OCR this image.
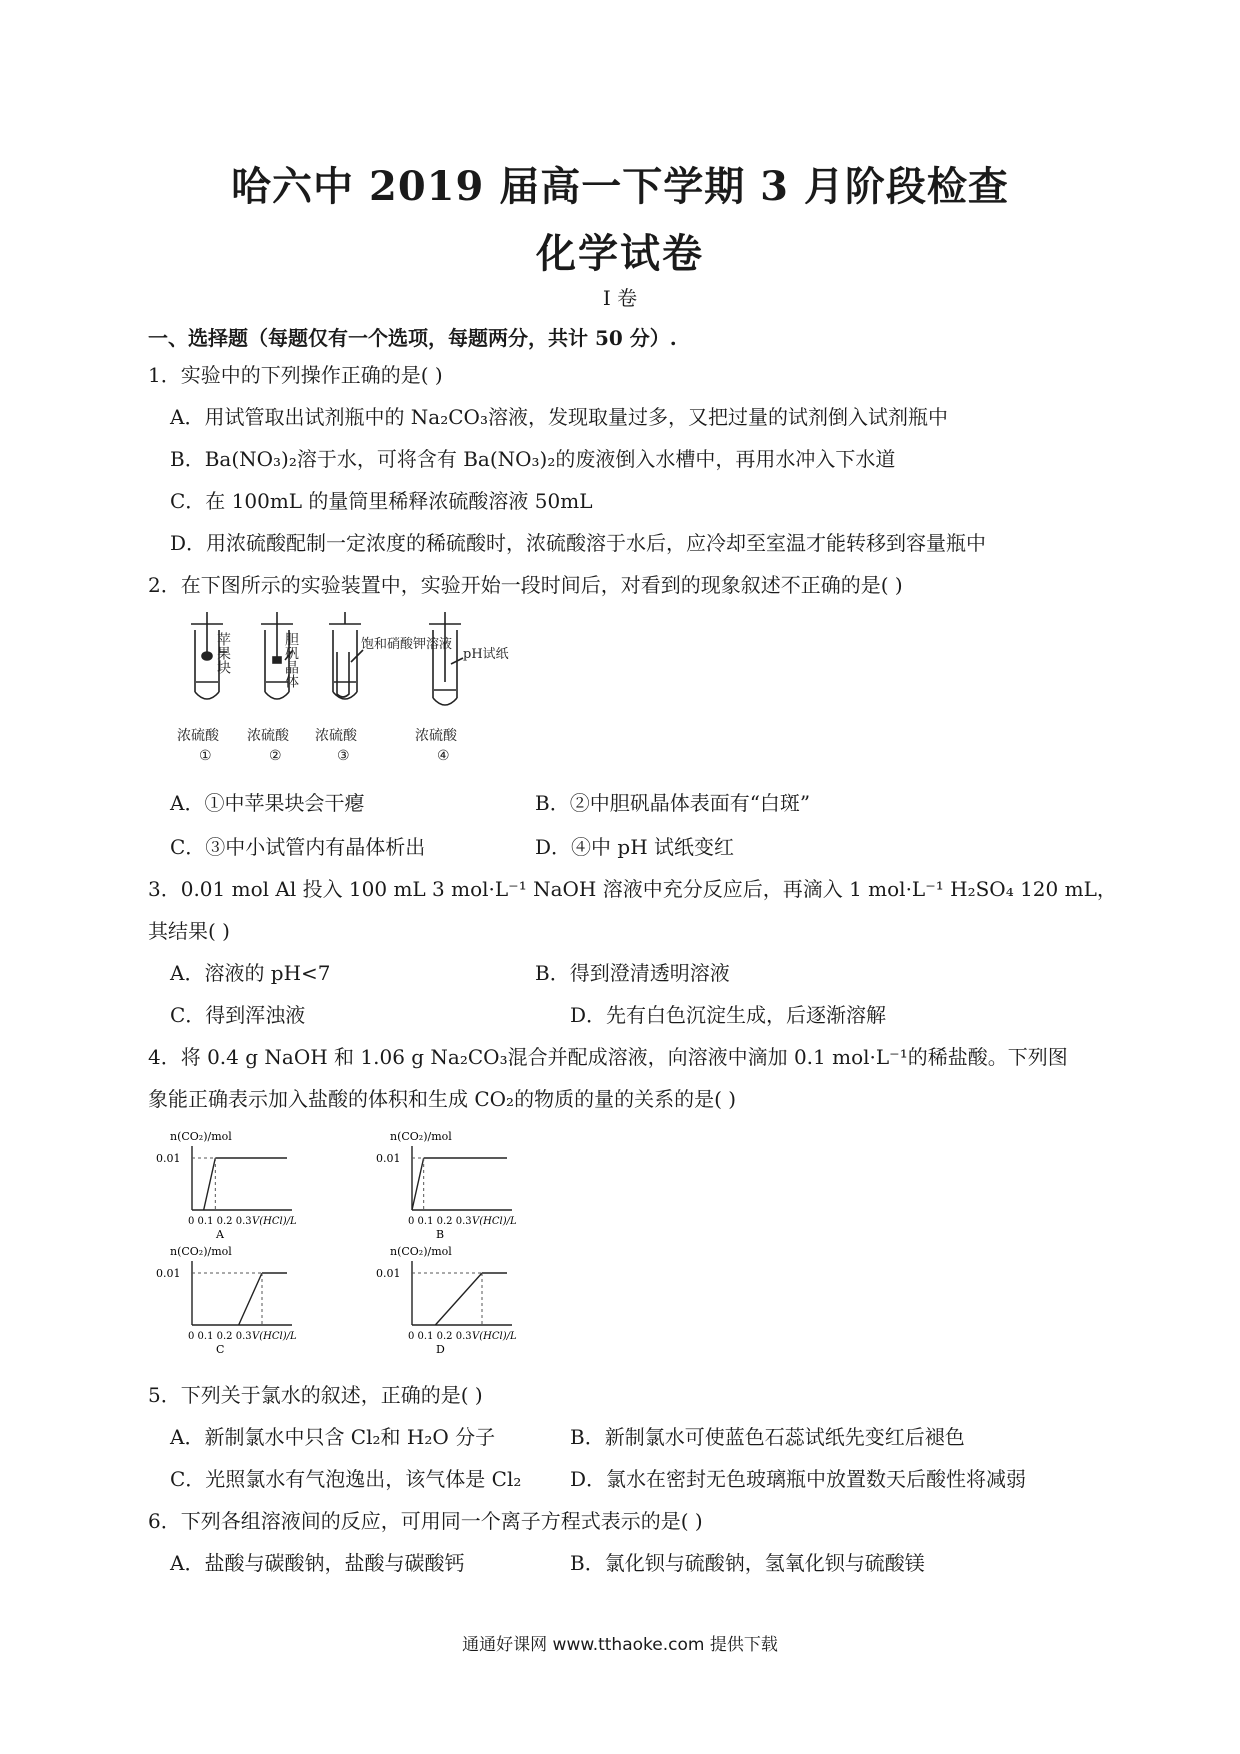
哈六中 2019 届高一下学期 3 月阶段检查
化学试卷
I 卷
一、选择题（每题仅有一个选项，每题两分，共计 50 分）.
1．实验中的下列操作正确的是( )
A．用试管取出试剂瓶中的 Na₂CO₃溶液，发现取量过多，又把过量的试剂倒入试剂瓶中
B．Ba(NO₃)₂溶于水，可将含有 Ba(NO₃)₂的废液倒入水槽中，再用水冲入下水道
C．在 100mL 的量筒里稀释浓硫酸溶液 50mL
D．用浓硫酸配制一定浓度的稀硫酸时，浓硫酸溶于水后，应冷却至室温才能转移到容量瓶中
2．在下图所示的实验装置中，实验开始一段时间后，对看到的现象叙述不正确的是( )
苹果块	胆矾晶体	饱和硝酸钾溶液
pH试纸
浓硫酸 浓硫酸 浓硫酸	浓硫酸
①	②	③	④
A．①中苹果块会干瘪	B．②中胆矾晶体表面有“白斑”
C．③中小试管内有晶体析出	D．④中 pH 试纸变红
3．0.01 mol Al 投入 100 mL 3 mol·L⁻¹ NaOH 溶液中充分反应后，再滴入 1 mol·L⁻¹ H₂SO₄ 120 mL，
其结果( )
A．溶液的 pH<7	B．得到澄清透明溶液
C．得到浑浊液	D．先有白色沉淀生成，后逐渐溶解
4．将 0.4 g NaOH 和 1.06 g Na₂CO₃混合并配成溶液，向溶液中滴加 0.1 mol·L⁻¹的稀盐酸。下列图
象能正确表示加入盐酸的体积和生成 CO₂的物质的量的关系的是( )
n(CO₂)/mol
0.01
0 0.1 0.2 0.3 V(HCl)/L
A
n(CO₂)/mol
0.01
0 0.1 0.2 0.3 V(HCl)/L
B
n(CO₂)/mol
0.01
0 0.1 0.2 0.3 V(HCl)/L
C
n(CO₂)/mol
0.01
0 0.1 0.2 0.3 V(HCl)/L
D
5．下列关于氯水的叙述，正确的是( )
A．新制氯水中只含 Cl₂和 H₂O 分子	B．新制氯水可使蓝色石蕊试纸先变红后褪色
C．光照氯水有气泡逸出，该气体是 Cl₂ D．氯水在密封无色玻璃瓶中放置数天后酸性将减弱
6．下列各组溶液间的反应，可用同一个离子方程式表示的是( )
A．盐酸与碳酸钠，盐酸与碳酸钙	B．氯化钡与硫酸钠，氢氧化钡与硫酸镁
通通好课网 www.tthaoke.com 提供下载
